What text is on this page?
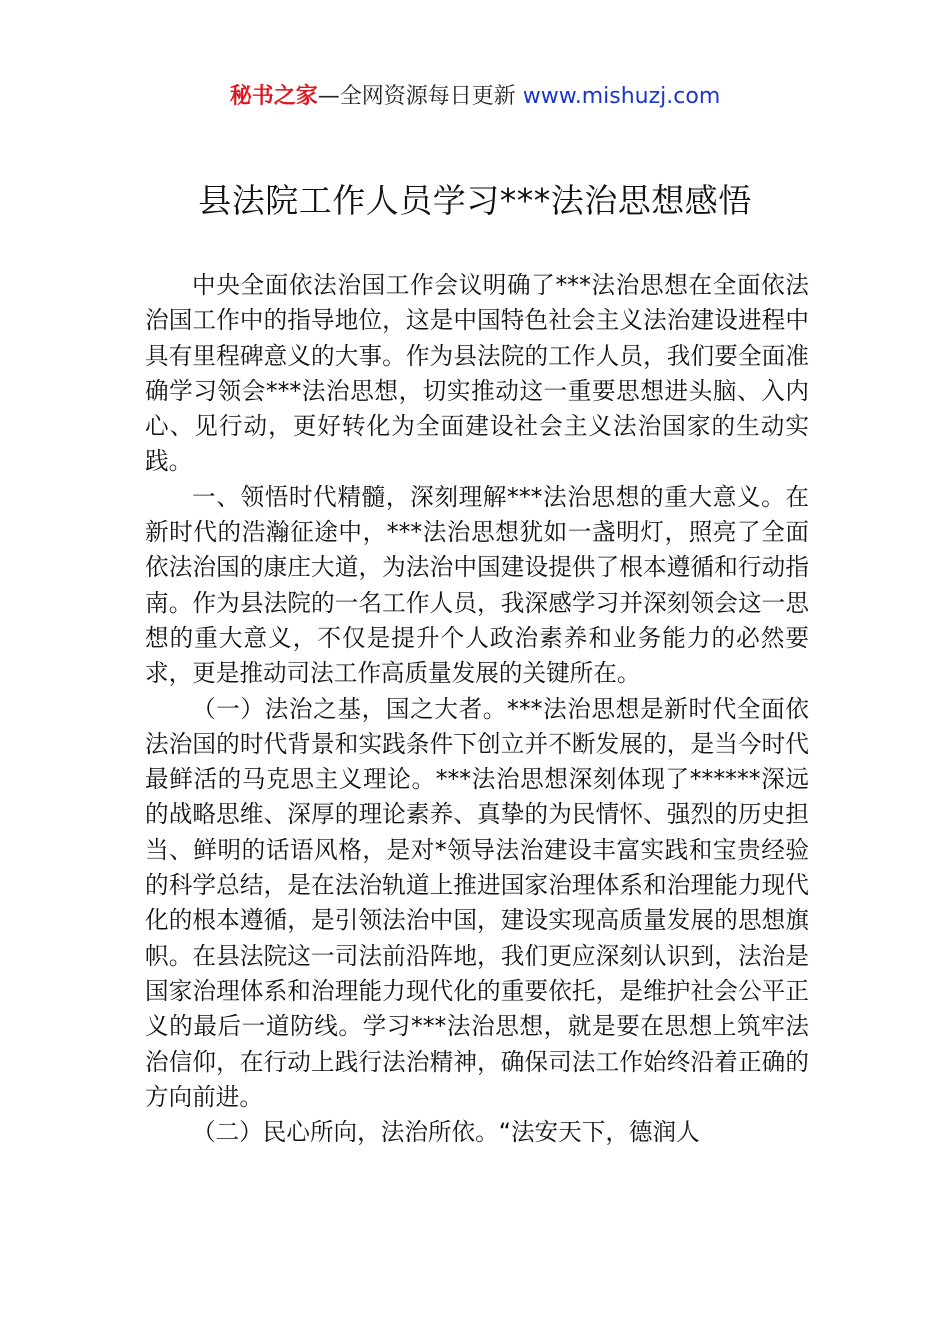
秘书之家—全网资源每日更新 www.mishuzj.com
县法院工作人员学习***法治思想感悟

中央全面依法治国工作会议明确了***法治思想在全面依法治国工作中的指导地位，这是中国特色社会主义法治建设进程中具有里程碑意义的大事。作为县法院的工作人员，我们要全面准确学习领会***法治思想，切实推动这一重要思想进头脑、入内心、见行动，更好转化为全面建设社会主义法治国家的生动实践。

一、领悟时代精髓，深刻理解***法治思想的重大意义。在新时代的浩瀚征途中，***法治思想犹如一盏明灯，照亮了全面依法治国的康庄大道，为法治中国建设提供了根本遵循和行动指南。作为县法院的一名工作人员，我深感学习并深刻领会这一思想的重大意义，不仅是提升个人政治素养和业务能力的必然要求，更是推动司法工作高质量发展的关键所在。

（一）法治之基，国之大者。***法治思想是新时代全面依法治国的时代背景和实践条件下创立并不断发展的，是当今时代最鲜活的马克思主义理论。***法治思想深刻体现了******深远的战略思维、深厚的理论素养、真挚的为民情怀、强烈的历史担当、鲜明的话语风格，是对*领导法治建设丰富实践和宝贵经验的科学总结，是在法治轨道上推进国家治理体系和治理能力现代化的根本遵循，是引领法治中国，建设实现高质量发展的思想旗帜。在县法院这一司法前沿阵地，我们更应深刻认识到，法治是国家治理体系和治理能力现代化的重要依托，是维护社会公平正义的最后一道防线。学习***法治思想，就是要在思想上筑牢法治信仰，在行动上践行法治精神，确保司法工作始终沿着正确的方向前进。

（二）民心所向，法治所依。“法安天下，德润人
